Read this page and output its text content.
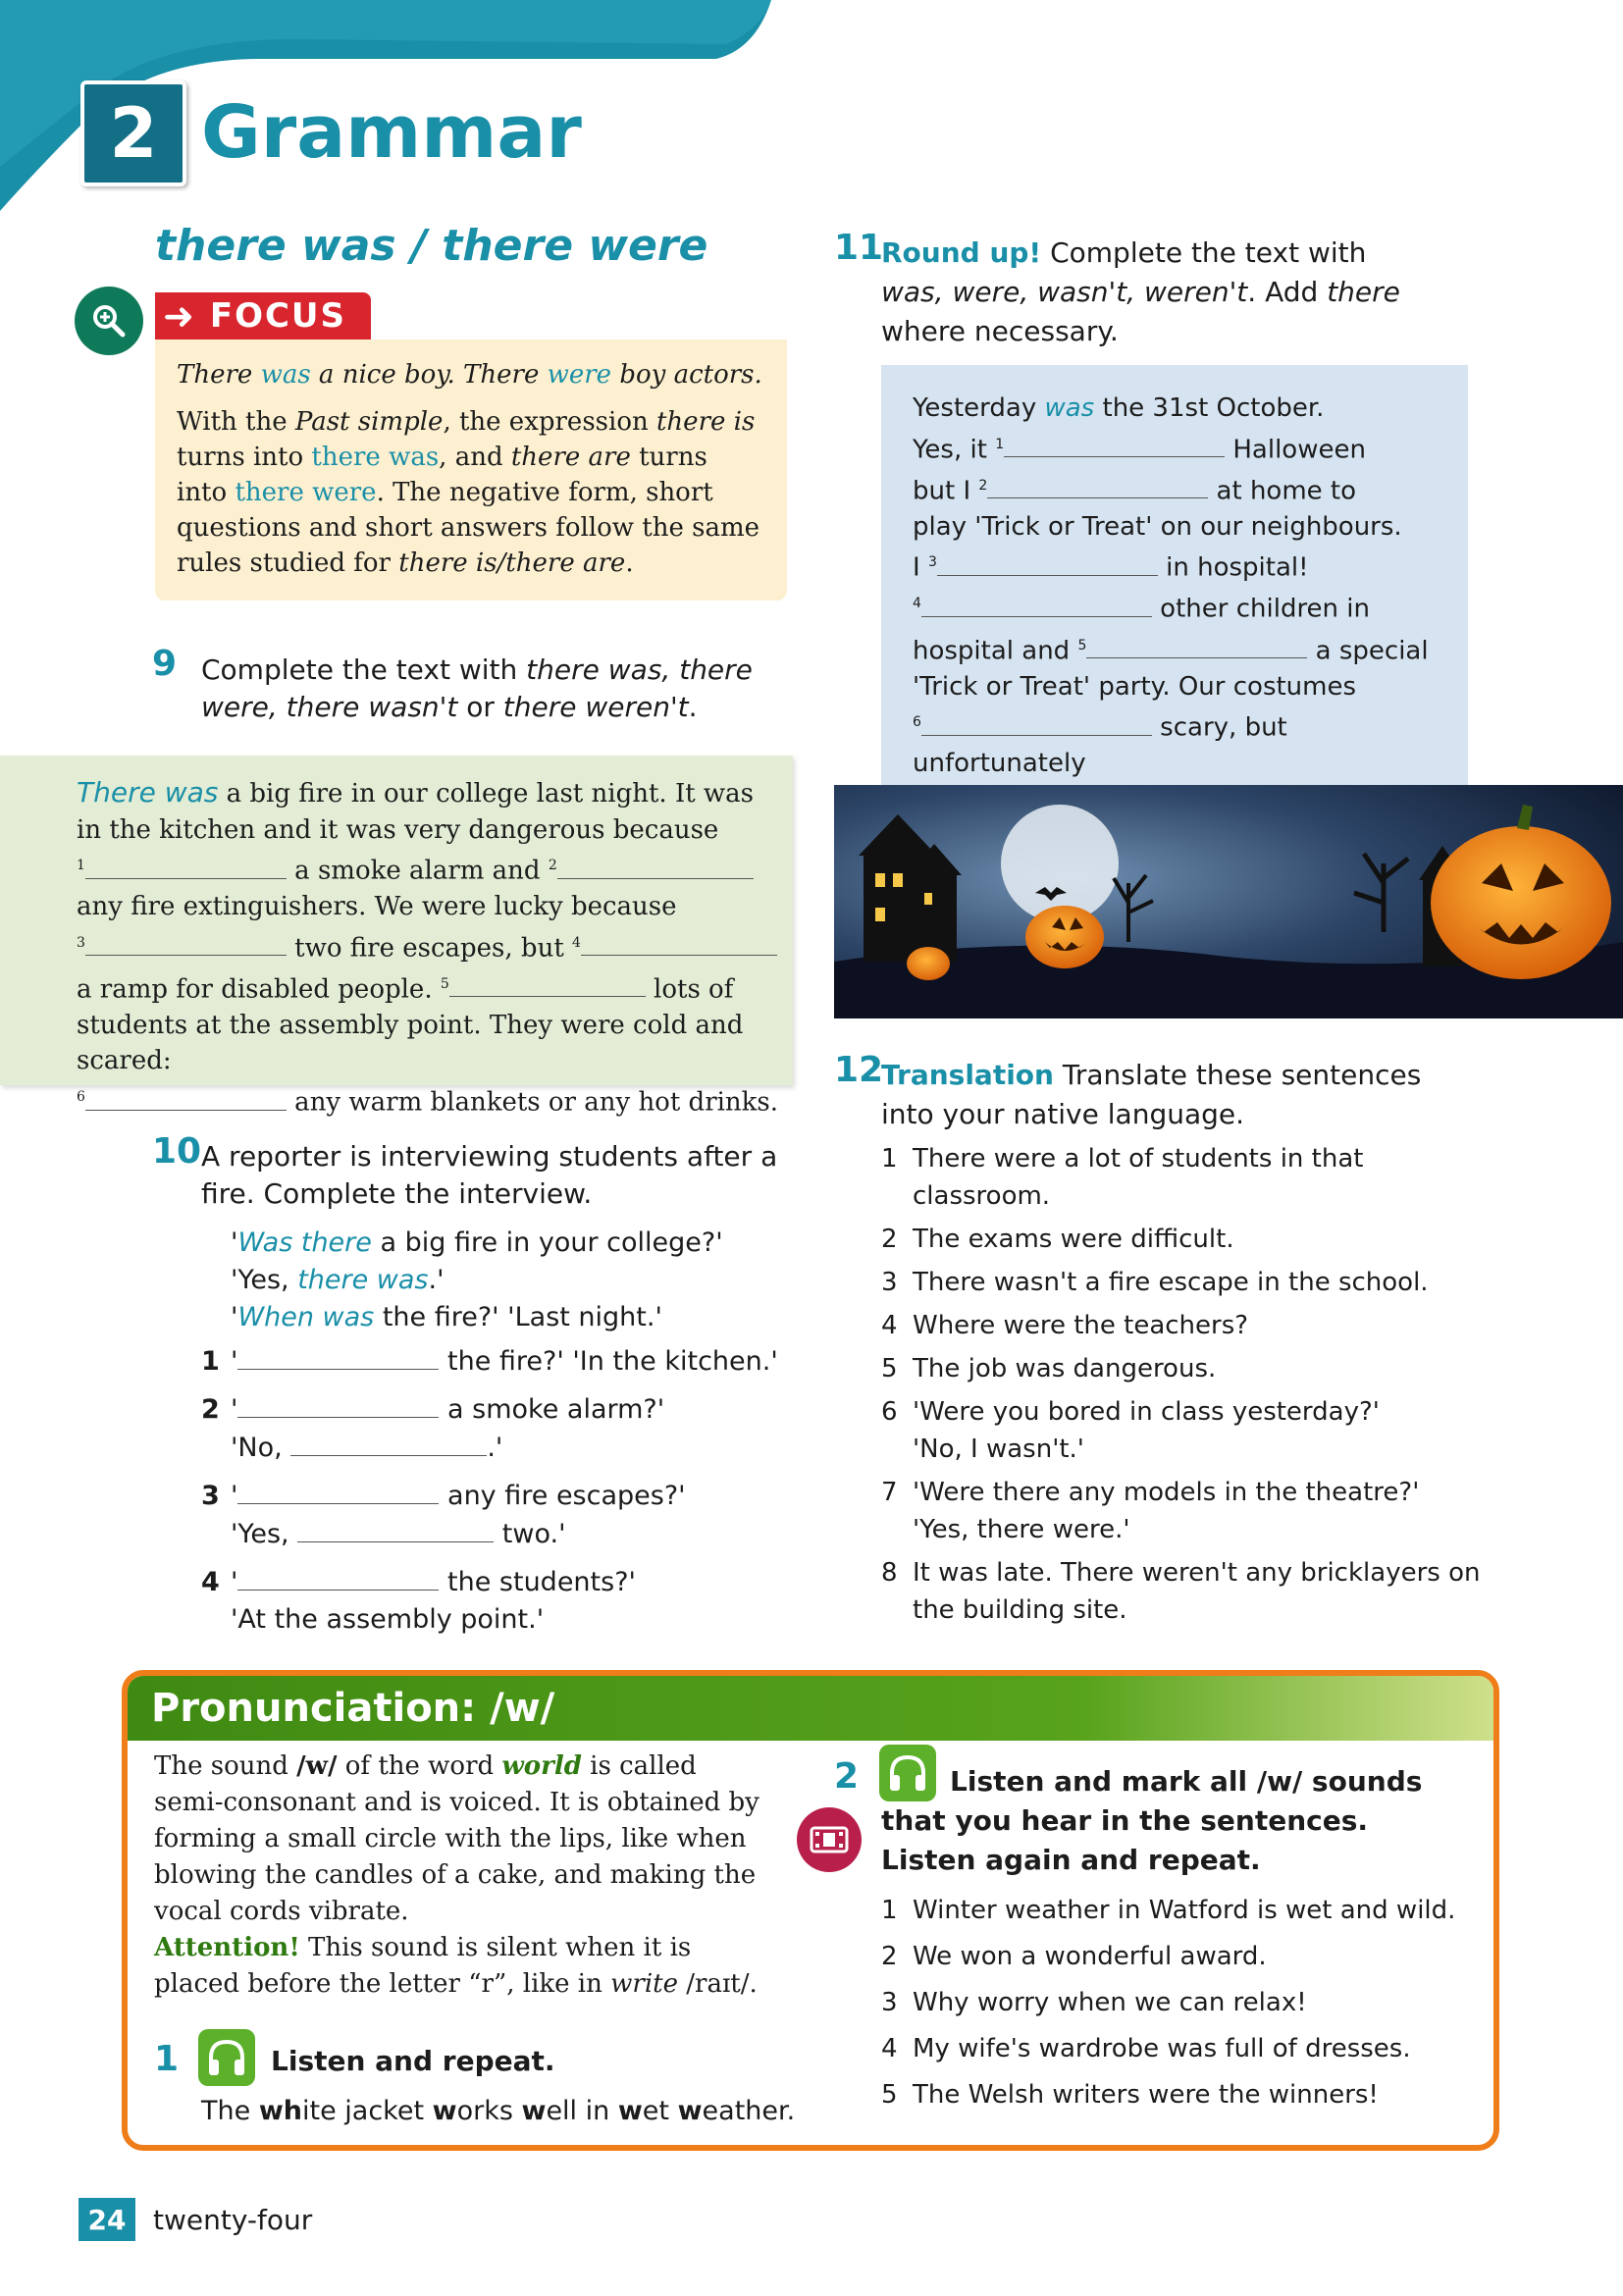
2 Grammar
there was / there were
➜ FOCUS
There was a nice boy. There were boy actors.
With the Past simple, the expression there is turns into there was, and there are turns into there were. The negative form, short questions and short answers follow the same rules studied for there is/there are.
9 Complete the text with there was, there were, there wasn't or there weren't.
There was a big fire in our college last night. It was
in the kitchen and it was very dangerous because
$^1$	a smoke alarm and $^2$
any fire extinguishers. We were lucky because
$^3$	two fire escapes, but $^4$
a ramp for disabled people. $^5$	lots of
students at the assembly point. They were cold and scared:
$^6$	any warm blankets or any hot drinks.
10 A reporter is interviewing students after a fire. Complete the interview.
'Was there a big fire in your college?'
'Yes, there was.'
'When was the fire?' 'Last night.'
1 '	the fire?' 'In the kitchen.'
2 '	a smoke alarm?'
'No,	.'
3 '	any fire escapes?'
'Yes,	two.'
4 '	the students?'
'At the assembly point.'
11
Round up! Complete the text with was, were, wasn't, weren't. Add there where necessary.
Yesterday was the 31st October.
Yes, it $^1$	Halloween
but I $^2$	at home to
play 'Trick or Treat' on our neighbours.
I $^3$	in hospital!
$^4$	other children in
hospital and $^5$	a special
'Trick or Treat' party. Our costumes
$^6$	scary, but unfortunately
12
Translation Translate these sentences into your native language.
1 There were a lot of students in that classroom.
2 The exams were difficult.
3 There wasn't a fire escape in the school.
4 Where were the teachers?
5 The job was dangerous.
6 'Were you bored in class yesterday?'
'No, I wasn't.'
7 'Were there any models in the theatre?'
'Yes, there were.'
8 It was late. There weren't any bricklayers on the building site.
Pronunciation: /w/
The sound /w/ of the word world is called semi-consonant and is voiced. It is obtained by forming a small circle with the lips, like when blowing the candles of a cake, and making the vocal cords vibrate.
Attention! This sound is silent when it is placed before the letter “r”, like in write /raɪt/.
1	Listen and repeat.
The white jacket works well in wet weather.
2	Listen and mark all /w/ sounds that you hear in the sentences. Listen again and repeat.
1 Winter weather in Watford is wet and wild.
2 We won a wonderful award.
3 Why worry when we can relax!
4 My wife's wardrobe was full of dresses.
5 The Welsh writers were the winners!
24 twenty-four
